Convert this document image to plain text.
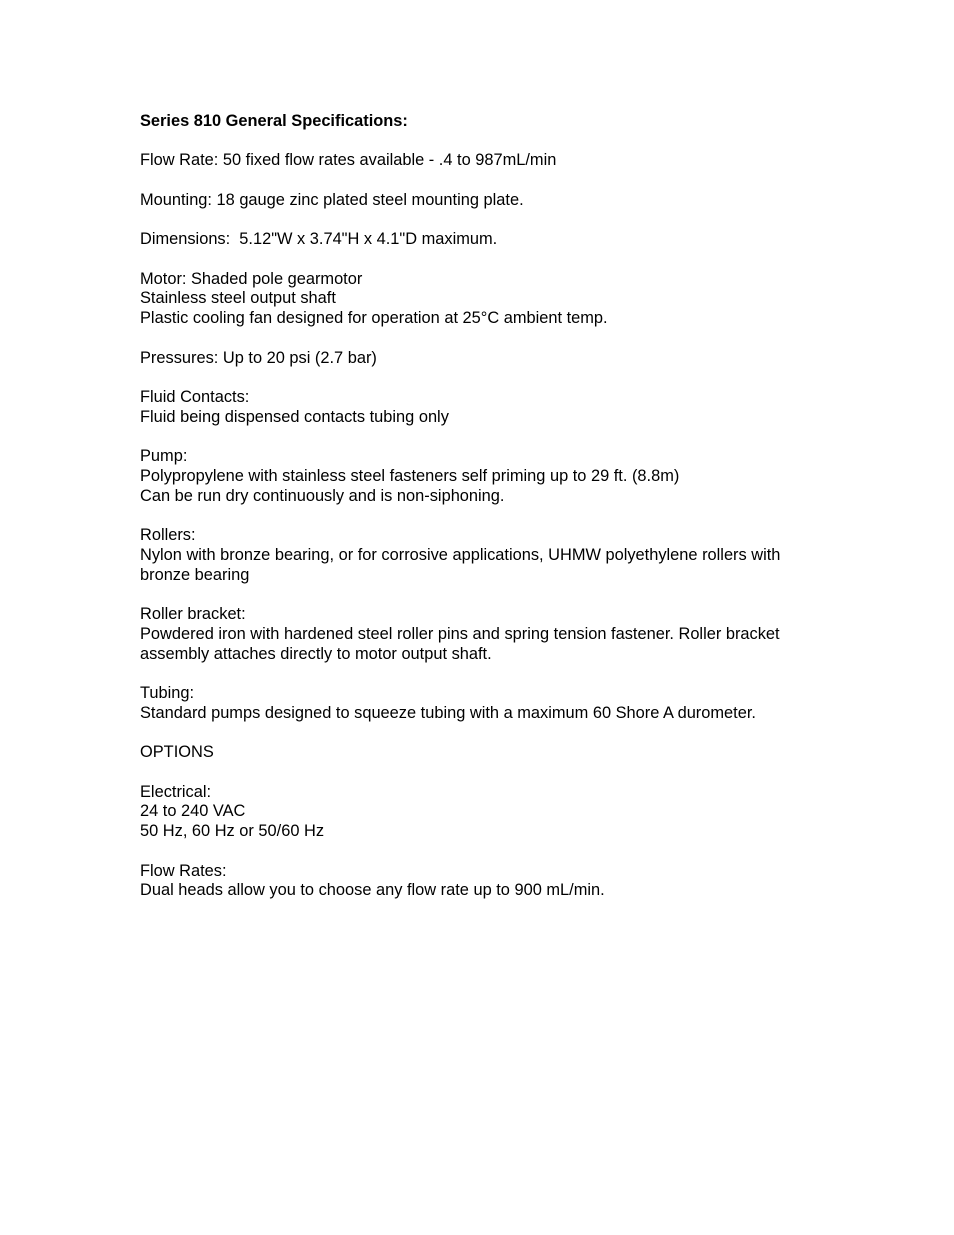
Series 810 General Specifications:

Flow Rate: 50 fixed flow rates available - .4 to 987mL/min

Mounting: 18 gauge zinc plated steel mounting plate.

Dimensions:  5.12"W x 3.74"H x 4.1"D maximum.

Motor: Shaded pole gearmotor
Stainless steel output shaft
Plastic cooling fan designed for operation at 25°C ambient temp.

Pressures: Up to 20 psi (2.7 bar)

Fluid Contacts:
Fluid being dispensed contacts tubing only

Pump:
Polypropylene with stainless steel fasteners self priming up to 29 ft. (8.8m)
Can be run dry continuously and is non-siphoning.

Rollers:
Nylon with bronze bearing, or for corrosive applications, UHMW polyethylene rollers with bronze bearing

Roller bracket:
Powdered iron with hardened steel roller pins and spring tension fastener. Roller bracket assembly attaches directly to motor output shaft.

Tubing:
Standard pumps designed to squeeze tubing with a maximum 60 Shore A durometer.

OPTIONS

Electrical:
24 to 240 VAC
50 Hz, 60 Hz or 50/60 Hz

Flow Rates:
Dual heads allow you to choose any flow rate up to 900 mL/min.
